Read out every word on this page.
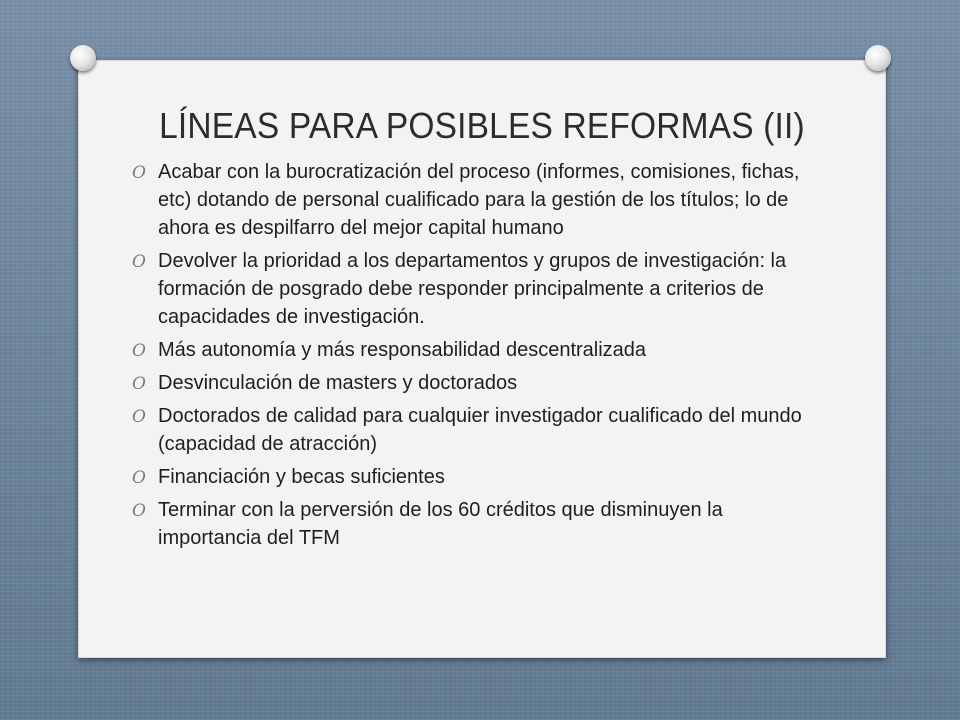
LÍNEAS PARA POSIBLES REFORMAS (II)
O Acabar con la burocratización del proceso (informes, comisiones, fichas, etc) dotando de personal cualificado para la gestión de los títulos; lo de ahora es despilfarro del mejor capital humano
O Devolver la prioridad a los departamentos y grupos de investigación: la formación de posgrado debe responder principalmente a criterios de capacidades de investigación.
O Más autonomía y más responsabilidad descentralizada
O Desvinculación de masters y doctorados
O Doctorados de calidad para cualquier investigador cualificado del mundo (capacidad de atracción)
O Financiación y becas suficientes
O Terminar con la perversión de los 60 créditos que disminuyen la importancia del TFM
